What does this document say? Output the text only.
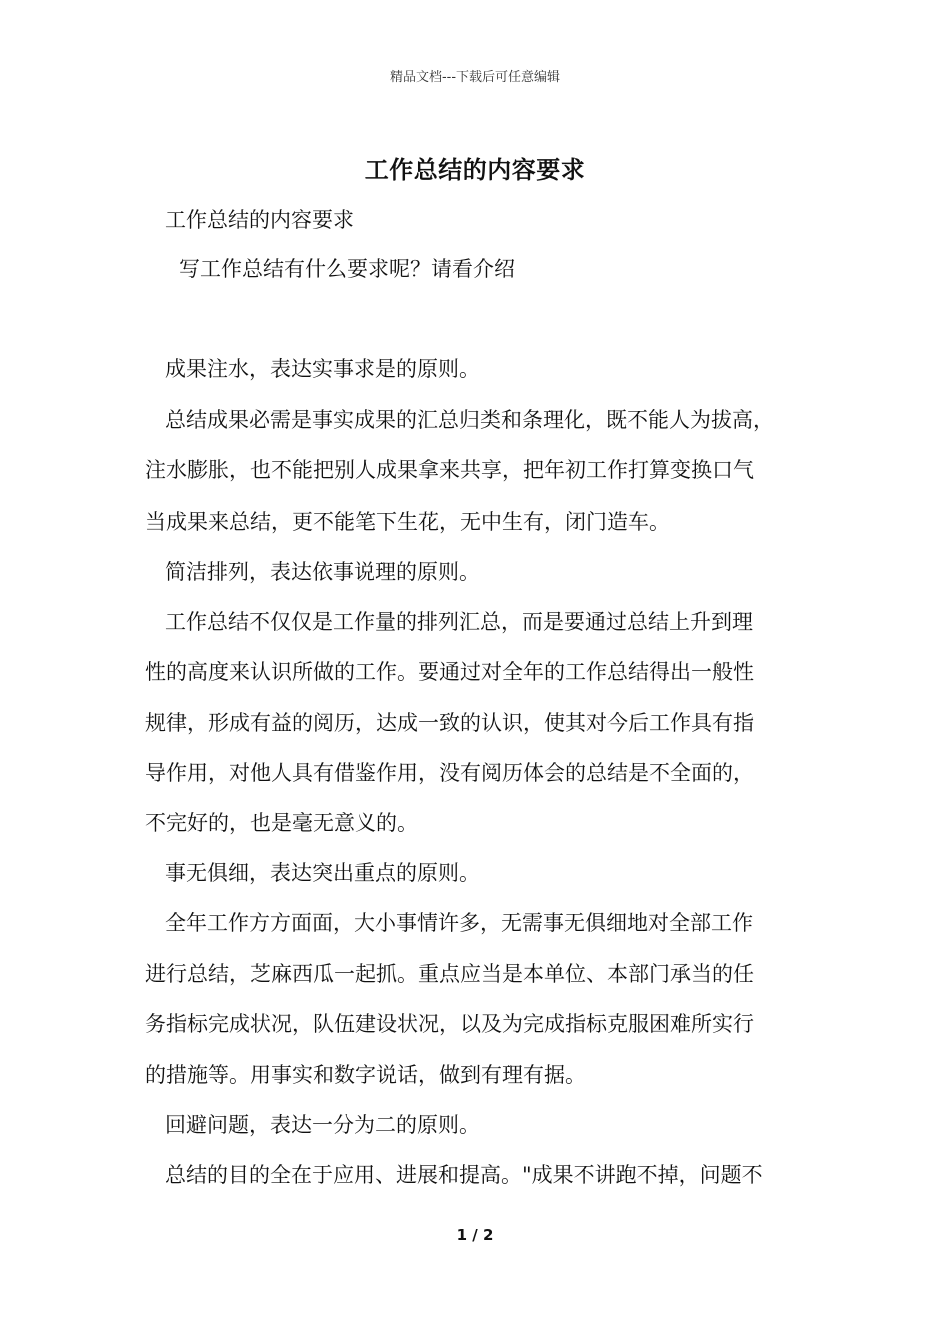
精品文档---下载后可任意编辑
工作总结的内容要求
工作总结的内容要求
写工作总结有什么要求呢？请看介绍
成果注水，表达实事求是的原则。
总结成果必需是事实成果的汇总归类和条理化，既不能人为拔高，
注水膨胀，也不能把别人成果拿来共享，把年初工作打算变换口气
当成果来总结，更不能笔下生花，无中生有，闭门造车。
简洁排列，表达依事说理的原则。
工作总结不仅仅是工作量的排列汇总，而是要通过总结上升到理
性的高度来认识所做的工作。要通过对全年的工作总结得出一般性
规律，形成有益的阅历，达成一致的认识，使其对今后工作具有指
导作用，对他人具有借鉴作用，没有阅历体会的总结是不全面的，
不完好的，也是毫无意义的。
事无俱细，表达突出重点的原则。
全年工作方方面面，大小事情许多，无需事无俱细地对全部工作
进行总结，芝麻西瓜一起抓。重点应当是本单位、本部门承当的任
务指标完成状况，队伍建设状况，以及为完成指标克服困难所实行
的措施等。用事实和数字说话，做到有理有据。
回避问题，表达一分为二的原则。
总结的目的全在于应用、进展和提高。"成果不讲跑不掉，问题不
1 / 2
